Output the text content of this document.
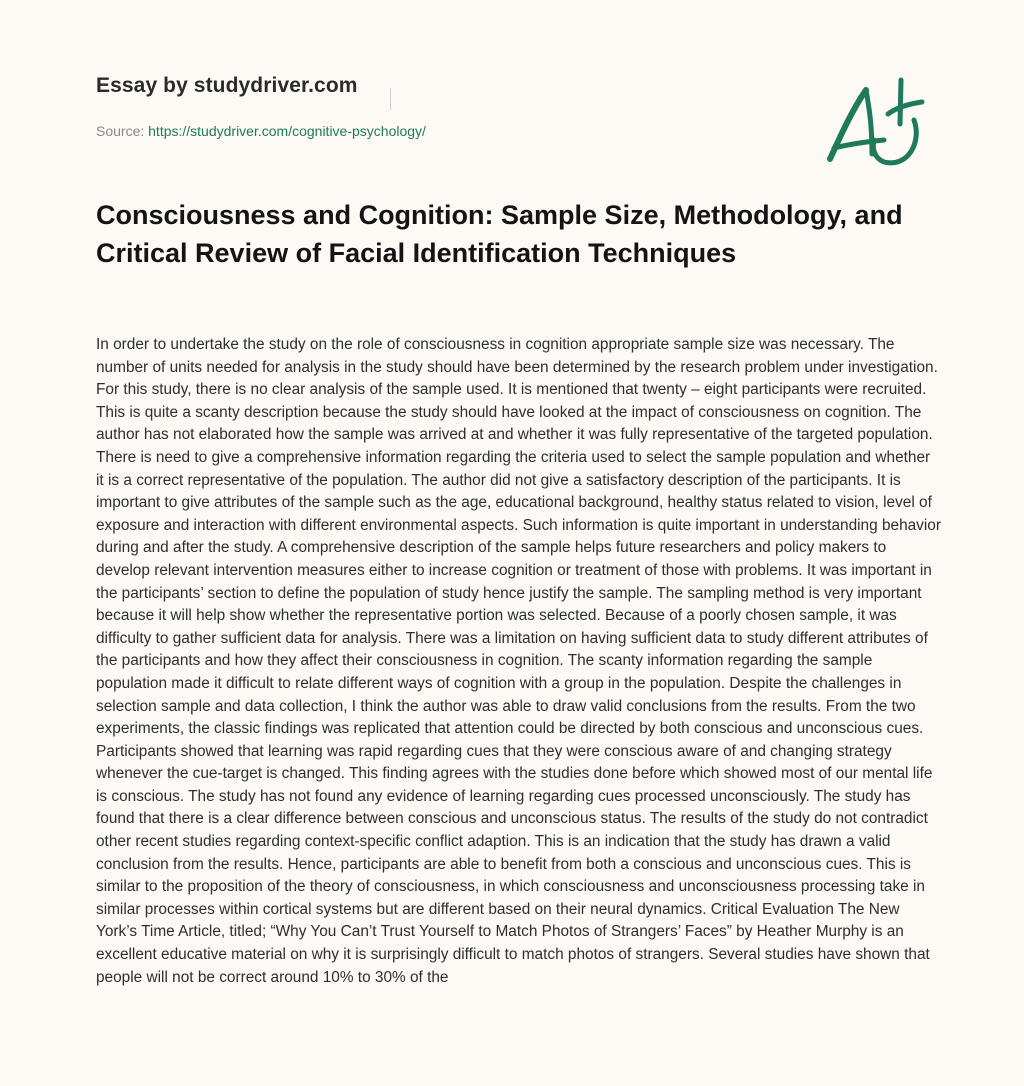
Essay by studydriver.com
Source: https://studydriver.com/cognitive-psychology/
Consciousness and Cognition: Sample Size, Methodology, and Critical Review of Facial Identification Techniques

In order to undertake the study on the role of consciousness in cognition appropriate sample size was necessary. The number of units needed for analysis in the study should have been determined by the research problem under investigation. For this study, there is no clear analysis of the sample used. It is mentioned that twenty – eight participants were recruited. This is quite a scanty description because the study should have looked at the impact of consciousness on cognition. The author has not elaborated how the sample was arrived at and whether it was fully representative of the targeted population. There is need to give a comprehensive information regarding the criteria used to select the sample population and whether it is a correct representative of the population. The author did not give a satisfactory description of the participants. It is important to give attributes of the sample such as the age, educational background, healthy status related to vision, level of exposure and interaction with different environmental aspects. Such information is quite important in understanding behavior during and after the study. A comprehensive description of the sample helps future researchers and policy makers to develop relevant intervention measures either to increase cognition or treatment of those with problems. It was important in the participants’ section to define the population of study hence justify the sample. The sampling method is very important because it will help show whether the representative portion was selected. Because of a poorly chosen sample, it was difficulty to gather sufficient data for analysis. There was a limitation on having sufficient data to study different attributes of the participants and how they affect their consciousness in cognition. The scanty information regarding the sample population made it difficult to relate different ways of cognition with a group in the population. Despite the challenges in selection sample and data collection, I think the author was able to draw valid conclusions from the results. From the two experiments, the classic findings was replicated that attention could be directed by both conscious and unconscious cues. Participants showed that learning was rapid regarding cues that they were conscious aware of and changing strategy whenever the cue-target is changed. This finding agrees with the studies done before which showed most of our mental life is conscious. The study has not found any evidence of learning regarding cues processed unconsciously. The study has found that there is a clear difference between conscious and unconscious status. The results of the study do not contradict other recent studies regarding context-specific conflict adaption. This is an indication that the study has drawn a valid conclusion from the results. Hence, participants are able to benefit from both a conscious and unconscious cues. This is similar to the proposition of the theory of consciousness, in which consciousness and unconsciousness processing take in similar processes within cortical systems but are different based on their neural dynamics. Critical Evaluation The New York’s Time Article, titled; “Why You Can’t Trust Yourself to Match Photos of Strangers’ Faces” by Heather Murphy is an excellent educative material on why it is surprisingly difficult to match photos of strangers. Several studies have shown that people will not be correct around 10% to 30% of the
